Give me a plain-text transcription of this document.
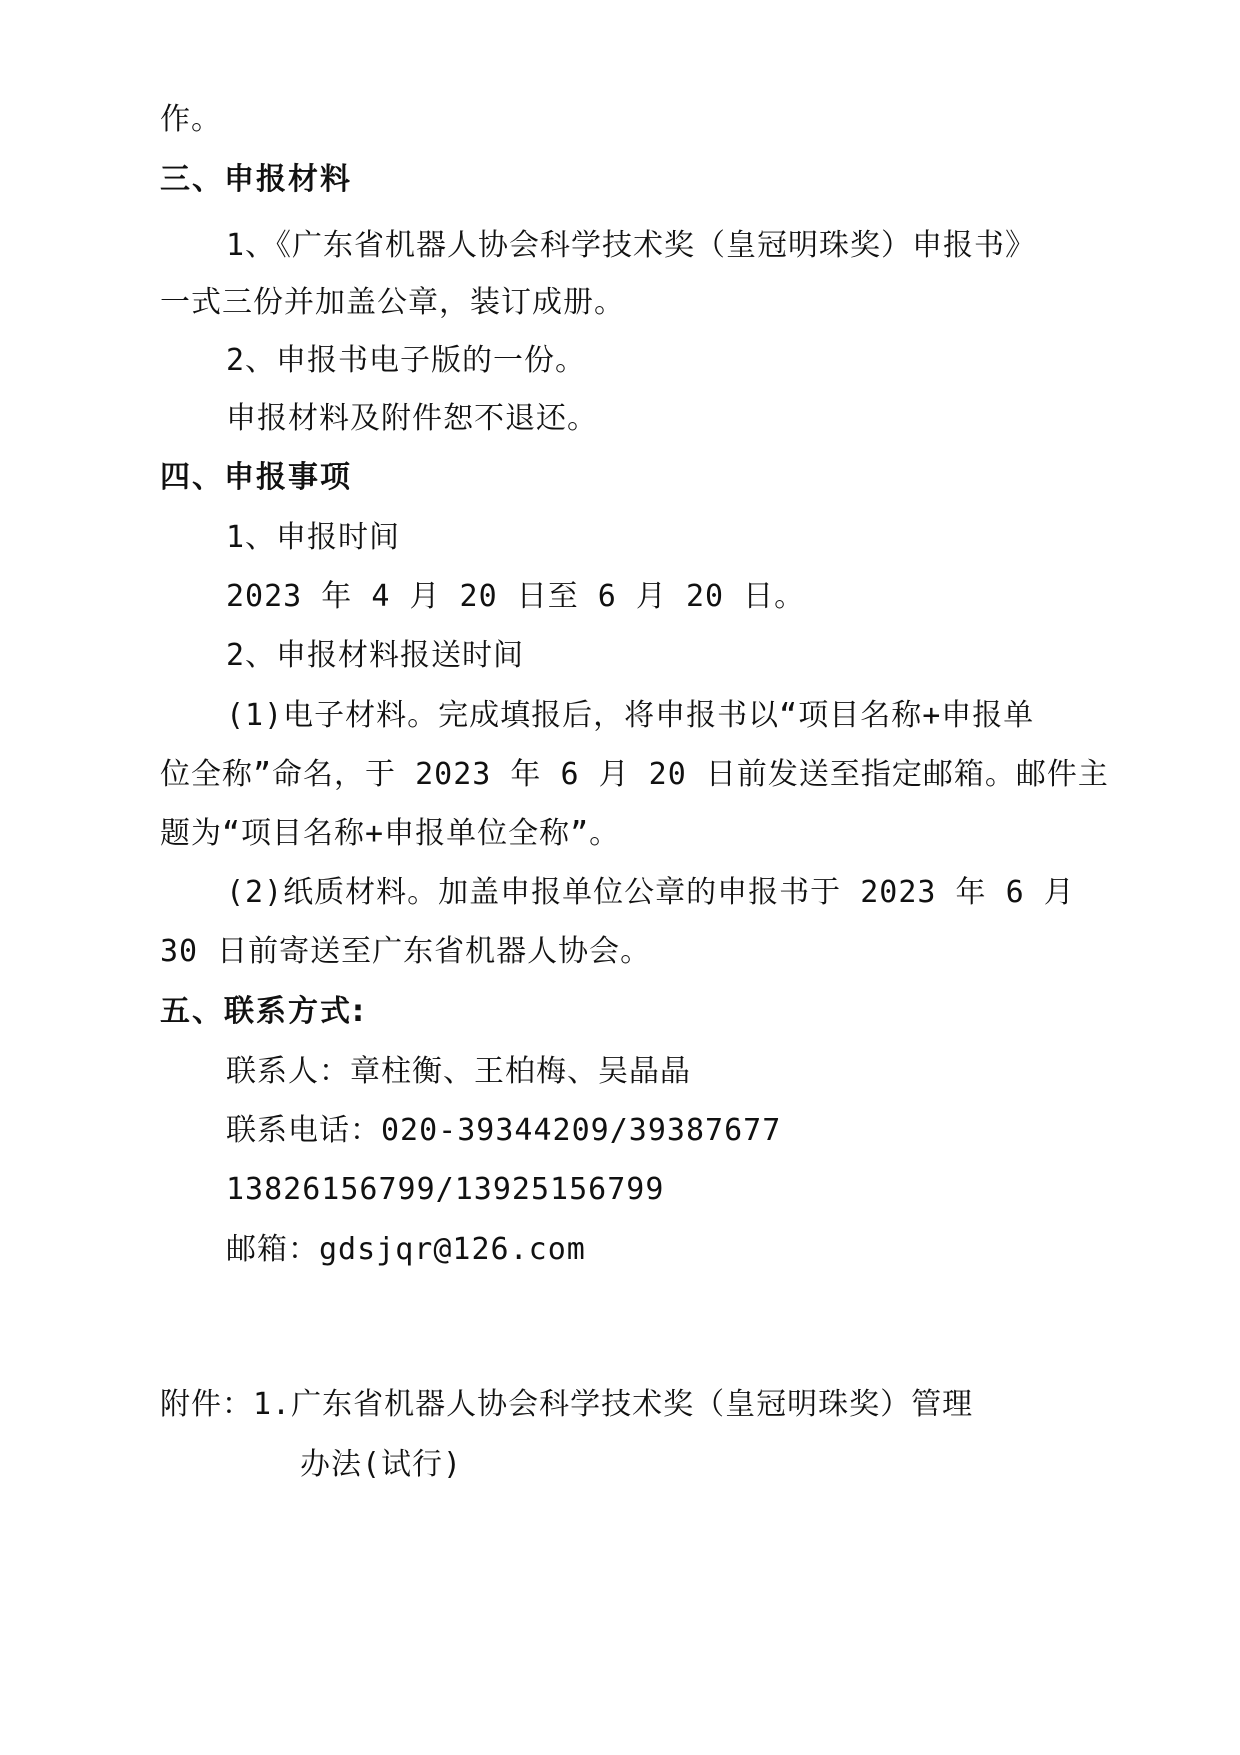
作。
三、申报材料
1、《广东省机器人协会科学技术奖（皇冠明珠奖）申报书》
一式三份并加盖公章，装订成册。
2、申报书电子版的一份。
申报材料及附件恕不退还。
四、申报事项
1、申报时间
2023 年 4 月 20 日至 6 月 20 日。
2、申报材料报送时间
(1)电子材料。完成填报后，将申报书以“项目名称+申报单
位全称”命名，于 2023 年 6 月 20 日前发送至指定邮箱。邮件主
题为“项目名称+申报单位全称”。
(2)纸质材料。加盖申报单位公章的申报书于 2023 年 6 月
30 日前寄送至广东省机器人协会。
五、联系方式:
联系人：章柱衡、王柏梅、吴晶晶
联系电话：020-39344209/39387677
13826156799/13925156799
邮箱：gdsjqr@126.com
附件：1.广东省机器人协会科学技术奖（皇冠明珠奖）管理
办法(试行)
